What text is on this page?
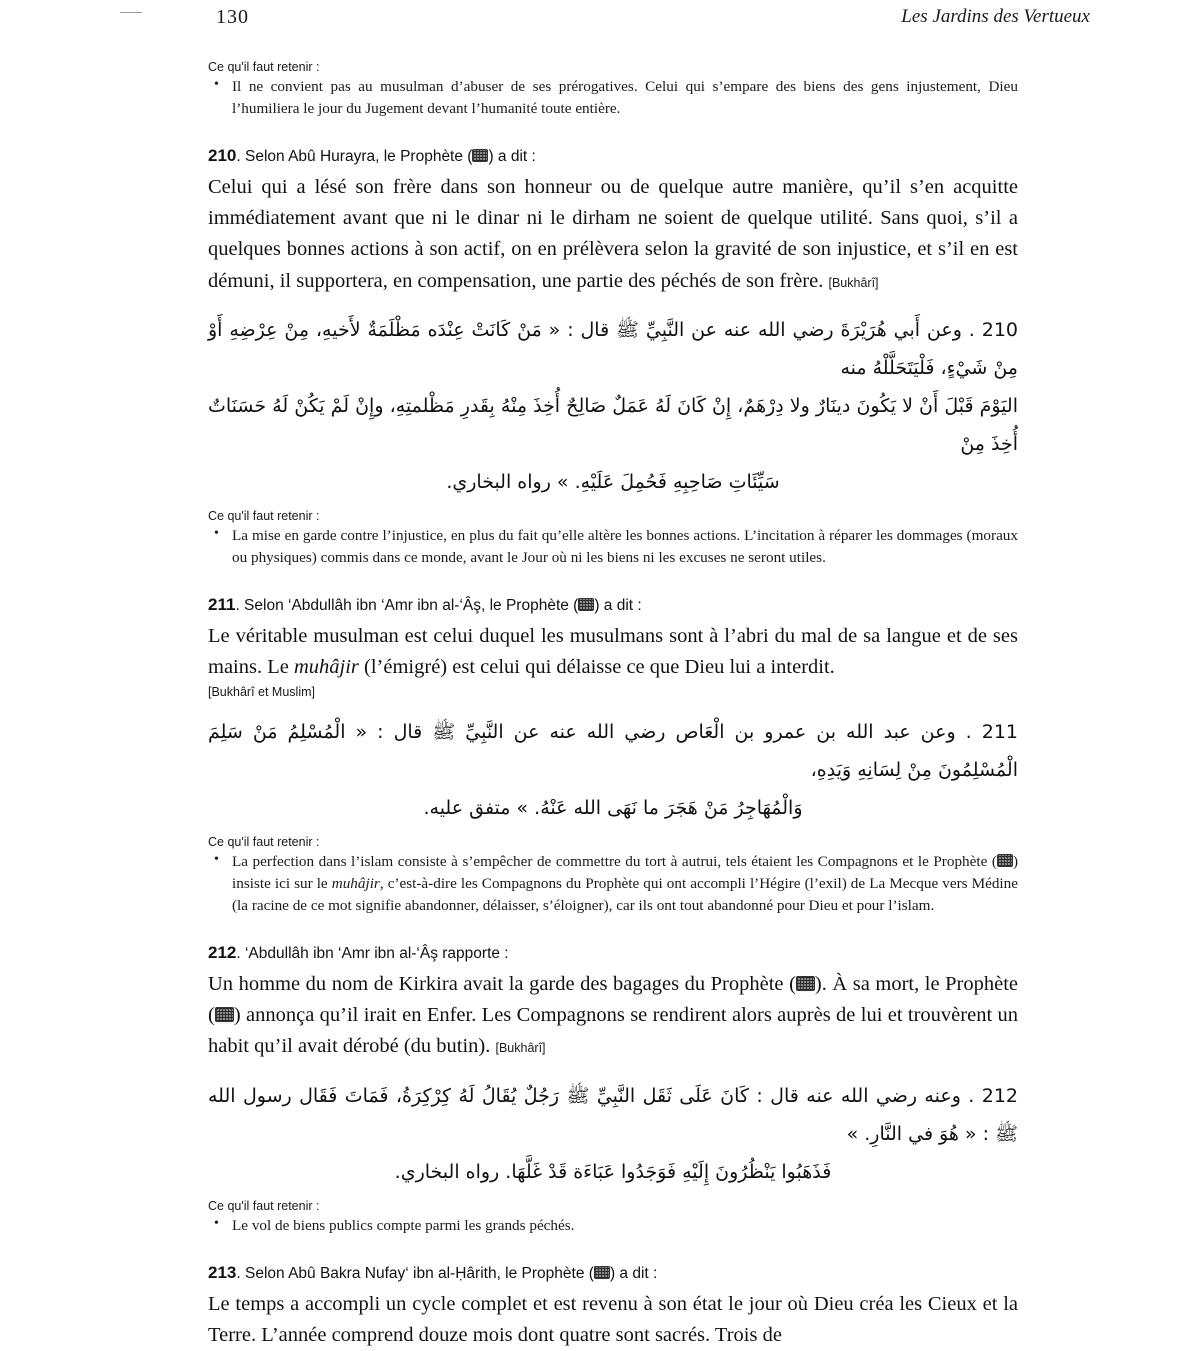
130	Les Jardins des Vertueux
Ce qu'il faut retenir :
• Il ne convient pas au musulman d’abuser de ses prérogatives. Celui qui s’empare des biens des gens injustement, Dieu l’humiliera le jour du Jugement devant l’humanité toute entière.
210. Selon Abû Hurayra, le Prophète ( ) a dit :
Celui qui a lésé son frère dans son honneur ou de quelque autre manière, qu’il s’en acquitte immédiatement avant que ni le dinar ni le dirham ne soient de quelque utilité. Sans quoi, s’il a quelques bonnes actions à son actif, on en prélèvera selon la gravité de son injustice, et s’il en est démuni, il supportera, en compensation, une partie des péchés de son frère. [Bukhârî]
210 . وعن أَبي هُرَيْرَةَ رضي الله عنه عن النَّبِيِّ ﷺ قال : « مَنْ كَانَتْ عِنْدَه مَظْلَمَةٌ لأَخيهِ، مِنْ عِرْضِهِ أَوْ مِنْ شَيْءٍ، فَلْيَتَحَلَّلْهُ منه
اليَوْمَ قَبْلَ أَنْ لا يَكُونَ دينَارٌ ولا دِرْهَمٌ، إِنْ كَانَ لَهُ عَمَلٌ صَالِحٌ أُخِذَ مِنْهُ بِقَدرِ مَظْلمتِهِ، وإِنْ لَمْ يَكُنْ لَهُ حَسَنَاتٌ أُخِذَ مِنْ
سَيِّئَاتِ صَاحِبِهِ فَحُمِلَ عَلَيْهِ. » رواه البخاري.
Ce qu'il faut retenir :
• La mise en garde contre l’injustice, en plus du fait qu’elle altère les bonnes actions. L’incitation à réparer les dommages (moraux ou physiques) commis dans ce monde, avant le Jour où ni les biens ni les excuses ne seront utiles.
211. Selon ‘Abdullâh ibn ‘Amr ibn al-‘Âş, le Prophète ( ) a dit :
Le véritable musulman est celui duquel les musulmans sont à l’abri du mal de sa langue et de ses mains. Le muhâjir (l’émigré) est celui qui délaisse ce que Dieu lui a interdit.
[Bukhârî et Muslim]
211 . وعن عبد الله بن عمرو بن الْعَاص رضي الله عنه عن النَّبِيِّ ﷺ قال : « الْمُسْلِمُ مَنْ سَلِمَ الْمُسْلِمُونَ مِنْ لِسَانِهِ وَيَدِهِ،
وَالْمُهَاجِرُ مَنْ هَجَرَ ما نَهَى الله عَنْهُ. » متفق عليه.
Ce qu'il faut retenir :
• La perfection dans l’islam consiste à s’empêcher de commettre du tort à autrui, tels étaient les Compagnons et le Prophète ( ) insiste ici sur le muhâjir, c’est-à-dire les Compagnons du Prophète qui ont accompli l’Hégire (l’exil) de La Mecque vers Médine (la racine de ce mot signifie abandonner, délaisser, s’éloigner), car ils ont tout abandonné pour Dieu et pour l’islam.
212. ‘Abdullâh ibn ‘Amr ibn al-‘Âş rapporte :
Un homme du nom de Kirkira avait la garde des bagages du Prophète ( ). À sa mort, le Prophète ( ) annonça qu’il irait en Enfer. Les Compagnons se rendirent alors auprès de lui et trouvèrent un habit qu’il avait dérobé (du butin). [Bukhârî]
212 . وعنه رضي الله عنه قال : كَانَ عَلَى ثَقَل النَّبِيِّ ﷺ رَجُلٌ يُقَالُ لَهُ كِرْكِرَةُ، فَمَاتَ فَقَال رسول الله ﷺ : « هُوَ في النَّارِ. »
فَذَهَبُوا يَنْظُرُونَ إِلَيْهِ فَوَجَدُوا عَبَاءَة قَدْ غَلَّهَا. رواه البخاري.
Ce qu'il faut retenir :
• Le vol de biens publics compte parmi les grands péchés.
213. Selon Abû Bakra Nufay‘ ibn al-Ḥârith, le Prophète ( ) a dit :
Le temps a accompli un cycle complet et est revenu à son état le jour où Dieu créa les Cieux et la Terre. L’année comprend douze mois dont quatre sont sacrés. Trois de
